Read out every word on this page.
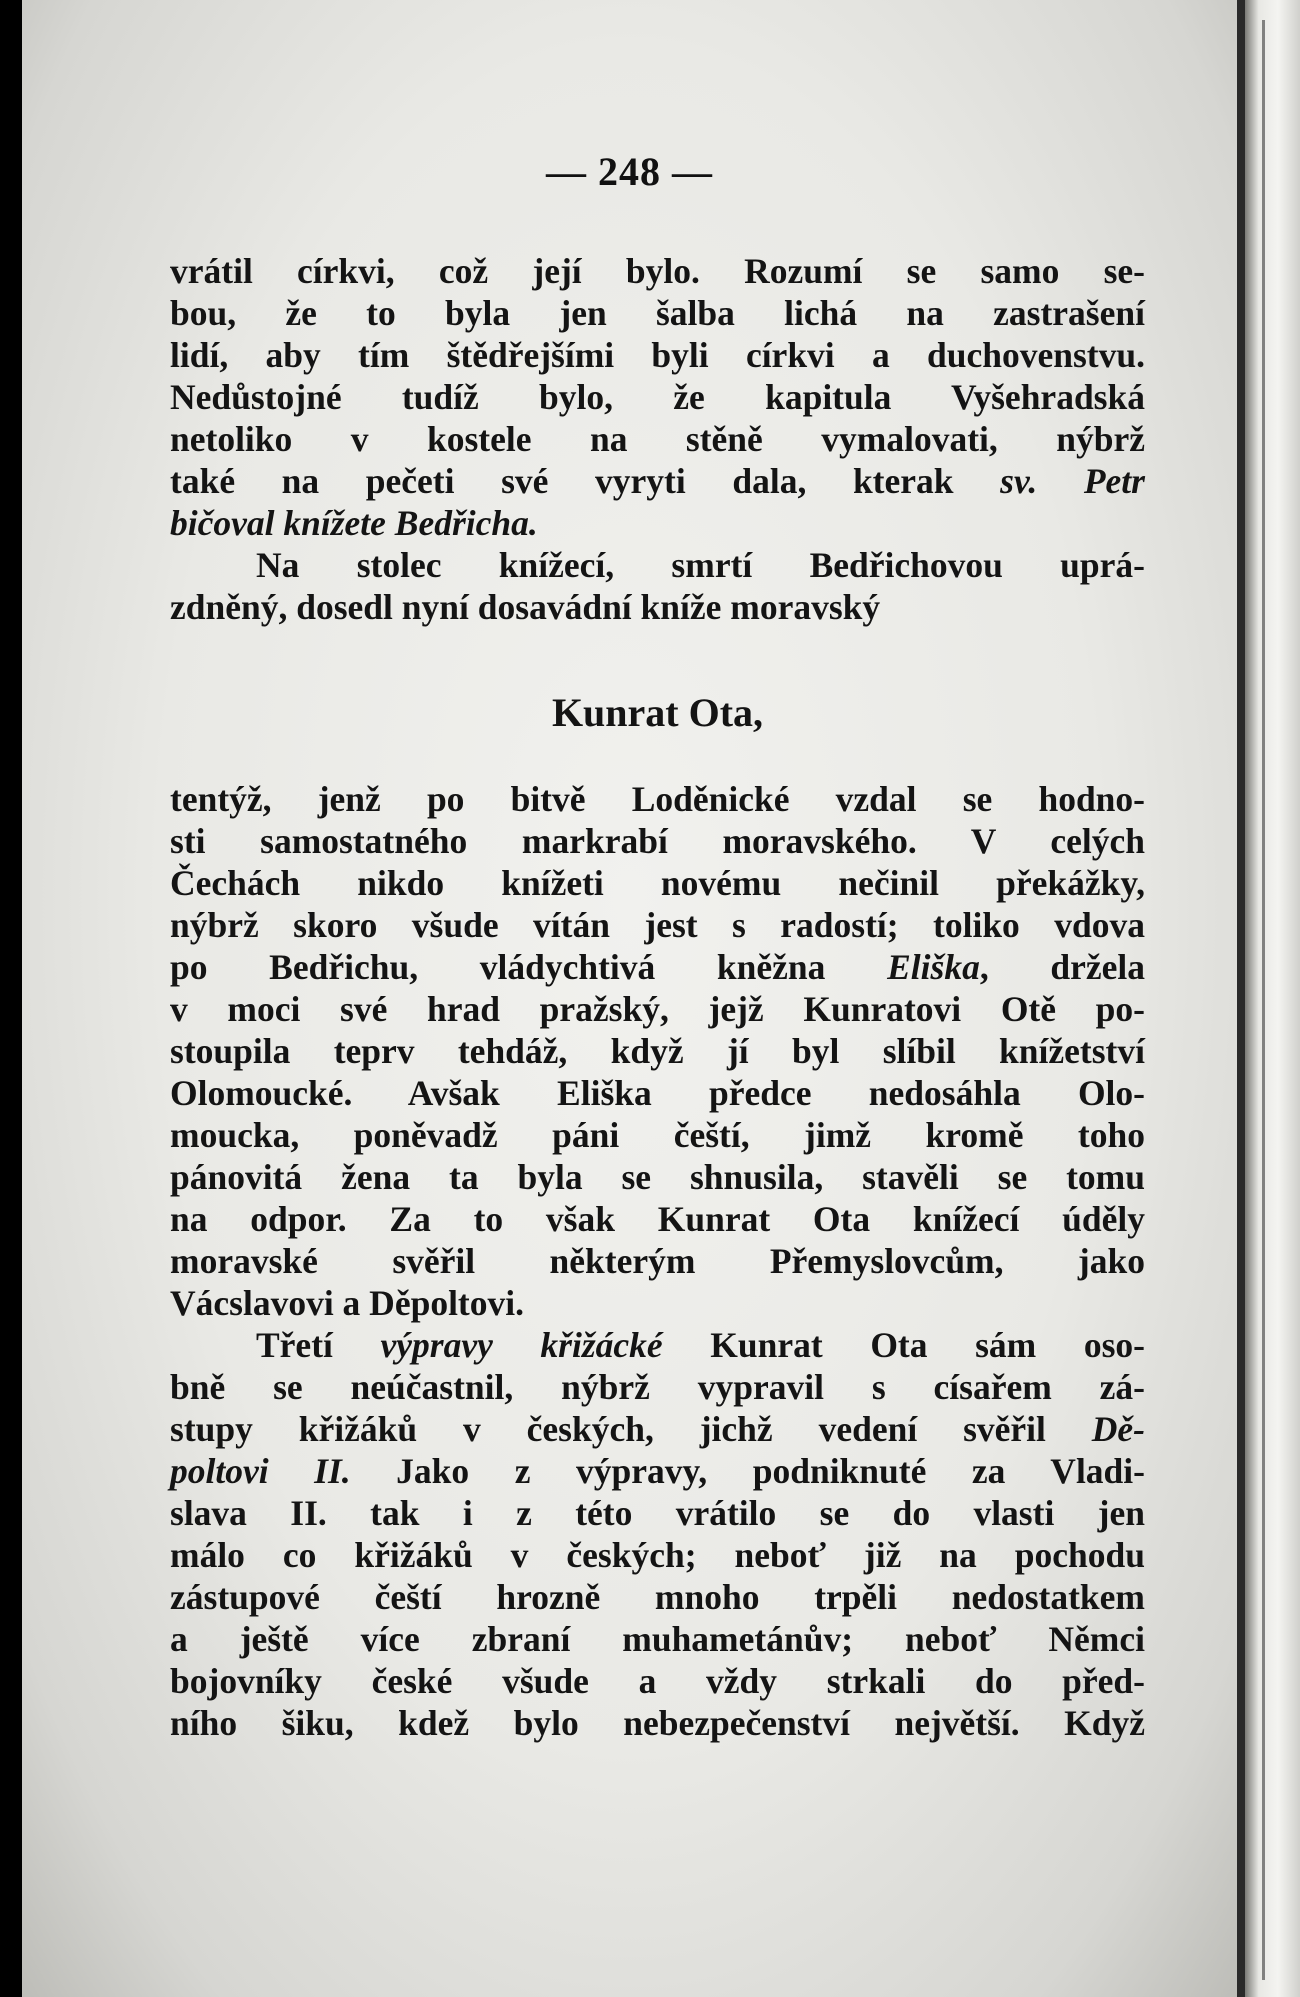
— 248 —
vrátil církvi, což její bylo. Rozumí se samo se-
bou, že to byla jen šalba lichá na zastrašení
lidí, aby tím štědřejšími byli církvi a duchovenstvu.
Nedůstojné tudíž bylo, že kapitula Vyšehradská
netoliko v kostele na stěně vymalovati, nýbrž
také na pečeti své vyryti dala, kterak sv. Petr
bičoval knížete Bedřicha.
Na stolec knížecí, smrtí Bedřichovou uprá-
zdněný, dosedl nyní dosavádní kníže moravský
Kunrat Ota,
tentýž, jenž po bitvě Loděnické vzdal se hodno-
sti samostatného markrabí moravského. V celých
Čechách nikdo knížeti novému nečinil překážky,
nýbrž skoro všude vítán jest s radostí; toliko vdova
po Bedřichu, vládychtivá kněžna Eliška, držela
v moci své hrad pražský, jejž Kunratovi Otě po-
stoupila teprv tehdáž, když jí byl slíbil knížetství
Olomoucké. Avšak Eliška předce nedosáhla Olo-
moucka, poněvadž páni čeští, jimž kromě toho
pánovitá žena ta byla se shnusila, stavěli se tomu
na odpor. Za to však Kunrat Ota knížecí úděly
moravské svěřil některým Přemyslovcům, jako
Vácslavovi a Děpoltovi.
Třetí výpravy křižácké Kunrat Ota sám oso-
bně se neúčastnil, nýbrž vypravil s císařem zá-
stupy křižáků v českých, jichž vedení svěřil Dě-
poltovi II. Jako z výpravy, podniknuté za Vladi-
slava II. tak i z této vrátilo se do vlasti jen
málo co křižáků v českých; neboť již na pochodu
zástupové čeští hrozně mnoho trpěli nedostatkem
a ještě více zbraní muhametánův; neboť Němci
bojovníky české všude a vždy strkali do před-
ního šiku, kdež bylo nebezpečenství největší. Když
